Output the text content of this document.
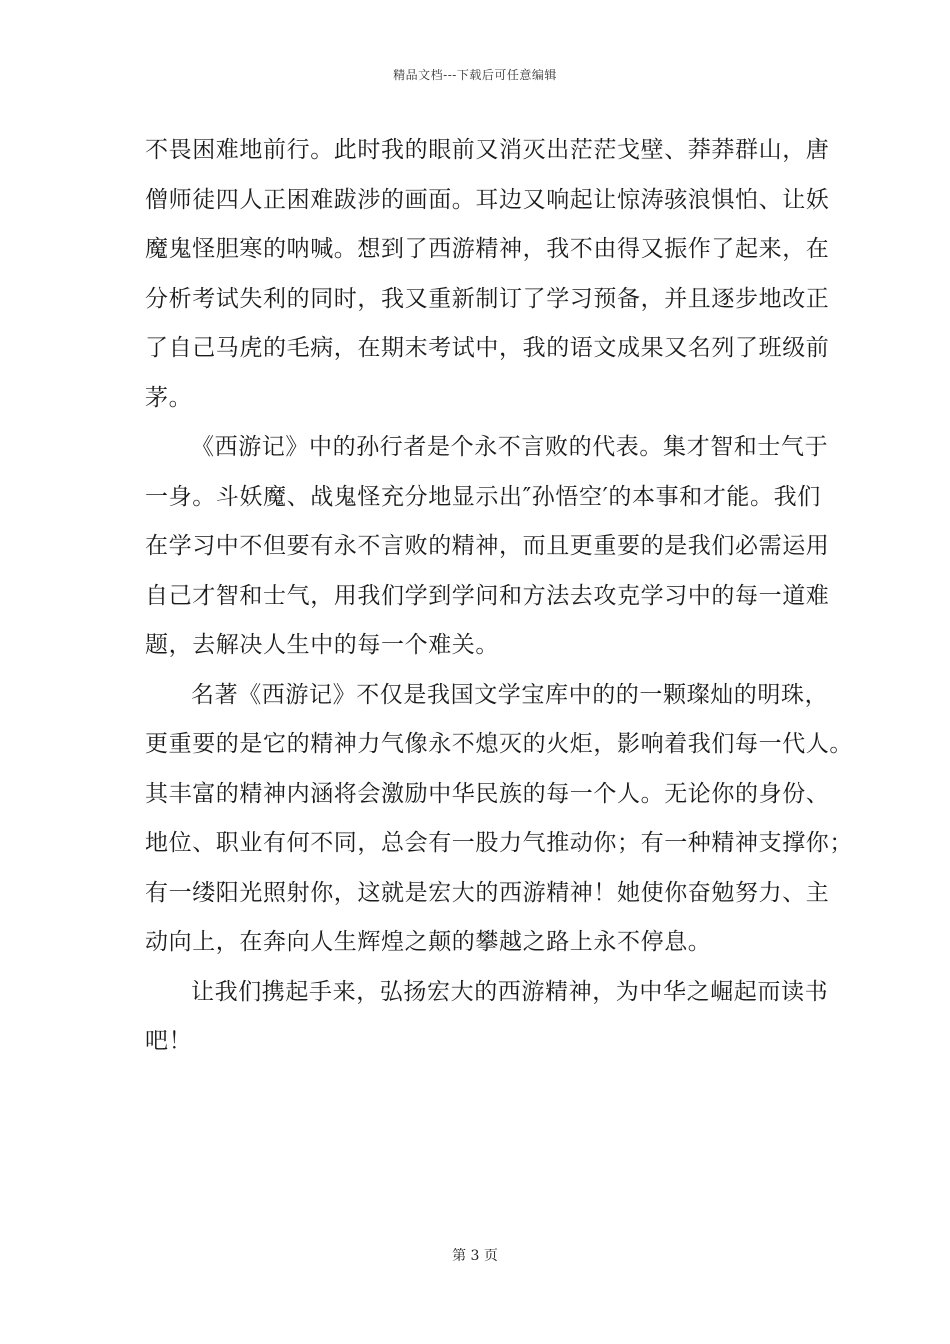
精品文档---下载后可任意编辑

不畏困难地前行。此时我的眼前又消灭出茫茫戈壁、莽莽群山，唐
僧师徒四人正困难跋涉的画面。耳边又响起让惊涛骇浪惧怕、让妖
魔鬼怪胆寒的呐喊。想到了西游精神，我不由得又振作了起来，在
分析考试失利的同时，我又重新制订了学习预备，并且逐步地改正
了自己马虎的毛病，在期末考试中，我的语文成果又名列了班级前
茅。

《西游记》中的孙行者是个永不言败的代表。集才智和士气于
一身。斗妖魔、战鬼怪充分地显示出″孙悟空′的本事和才能。我们
在学习中不但要有永不言败的精神，而且更重要的是我们必需运用
自己才智和士气，用我们学到学问和方法去攻克学习中的每一道难
题，去解决人生中的每一个难关。

名著《西游记》不仅是我国文学宝库中的的一颗璨灿的明珠，
更重要的是它的精神力气像永不熄灭的火炬，影响着我们每一代人。
其丰富的精神内涵将会激励中华民族的每一个人。无论你的身份、
地位、职业有何不同，总会有一股力气推动你；有一种精神支撑你；
有一缕阳光照射你，这就是宏大的西游精神！她使你奋勉努力、主
动向上，在奔向人生辉煌之颠的攀越之路上永不停息。

让我们携起手来，弘扬宏大的西游精神，为中华之崛起而读书
吧！

第 3 页
